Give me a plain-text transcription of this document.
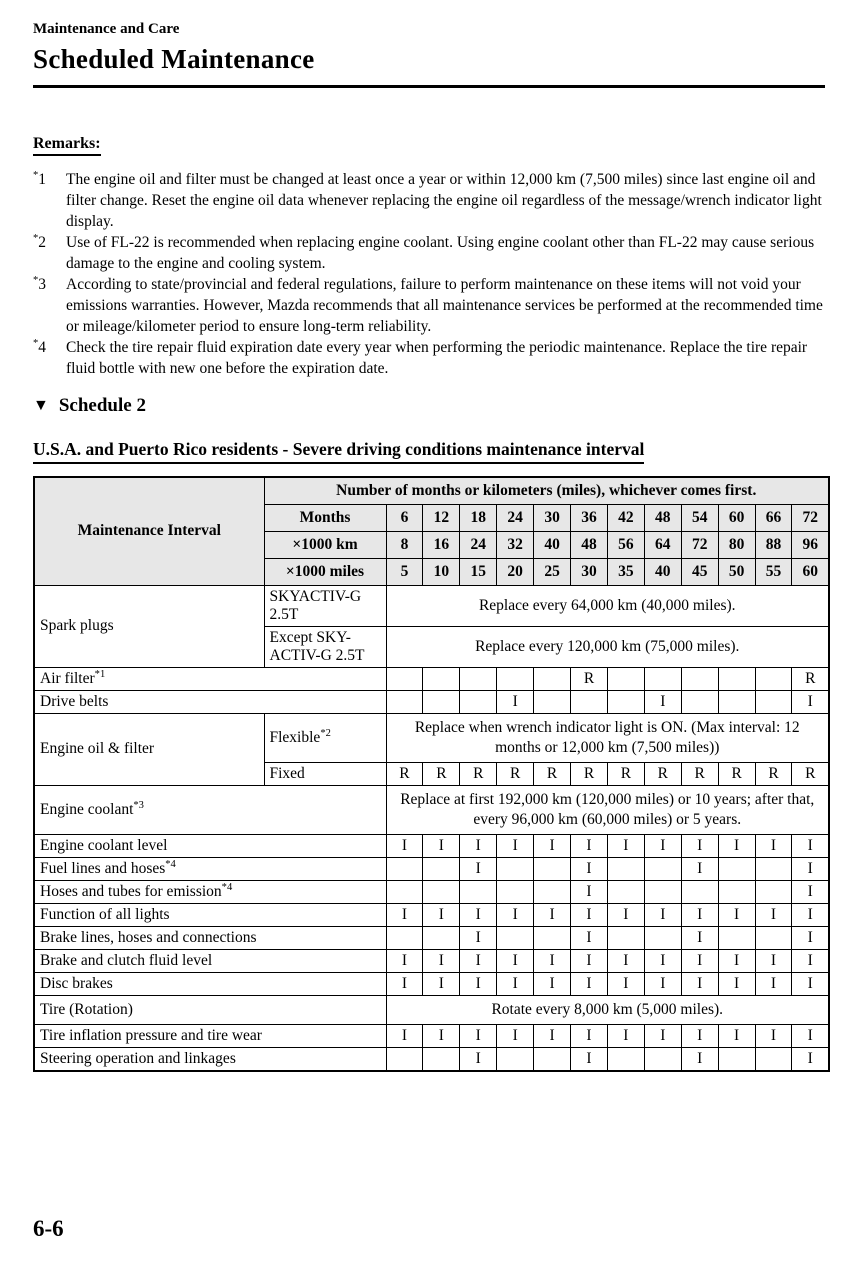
Maintenance and Care
Scheduled Maintenance
Remarks:
*1	The engine oil and filter must be changed at least once a year or within 12,000 km (7,500 miles) since last engine oil and filter change. Reset the engine oil data whenever replacing the engine oil regardless of the message/wrench indicator light display.
*2	Use of FL-22 is recommended when replacing engine coolant. Using engine coolant other than FL-22 may cause serious damage to the engine and cooling system.
*3	According to state/provincial and federal regulations, failure to perform maintenance on these items will not void your emissions warranties. However, Mazda recommends that all maintenance services be performed at the recommended time or mileage/kilometer period to ensure long-term reliability.
*4	Check the tire repair fluid expiration date every year when performing the periodic maintenance. Replace the tire repair fluid bottle with new one before the expiration date.
▼ Schedule 2
U.S.A. and Puerto Rico residents - Severe driving conditions maintenance interval
Maintenance Interval	Number of months or kilometers (miles), whichever comes first.												
	Months	6	12	18	24	30	36	42	48	54	60	66	72
	×1000 km	8	16	24	32	40	48	56	64	72	80	88	96
	×1000 miles	5	10	15	20	25	30	35	40	45	50	55	60
Spark plugs	SKYACTIV-G 2.5T	Replace every 64,000 km (40,000 miles).											
	Except SKY-ACTIV-G 2.5T	Replace every 120,000 km (75,000 miles).											
Air filter$^{*1}$							R						R
Drive belts					I				I				I
Engine oil & filter	Flexible$^{*2}$	Replace when wrench indicator light is ON. (Max interval: 12 months or 12,000 km (7,500 miles))											
	Fixed	R	R	R	R	R	R	R	R	R	R	R	R
Engine coolant$^{*3}$		Replace at first 192,000 km (120,000 miles) or 10 years; after that, every 96,000 km (60,000 miles) or 5 years.											
Engine coolant level		I	I	I	I	I	I	I	I	I	I	I	I
Fuel lines and hoses$^{*4}$				I			I			I			I
Hoses and tubes for emission$^{*4}$							I						I
Function of all lights		I	I	I	I	I	I	I	I	I	I	I	I
Brake lines, hoses and connections				I			I			I			I
Brake and clutch fluid level		I	I	I	I	I	I	I	I	I	I	I	I
Disc brakes		I	I	I	I	I	I	I	I	I	I	I	I
Tire (Rotation)		Rotate every 8,000 km (5,000 miles).											
Tire inflation pressure and tire wear		I	I	I	I	I	I	I	I	I	I	I	I
Steering operation and linkages				I			I			I			I
6-6
